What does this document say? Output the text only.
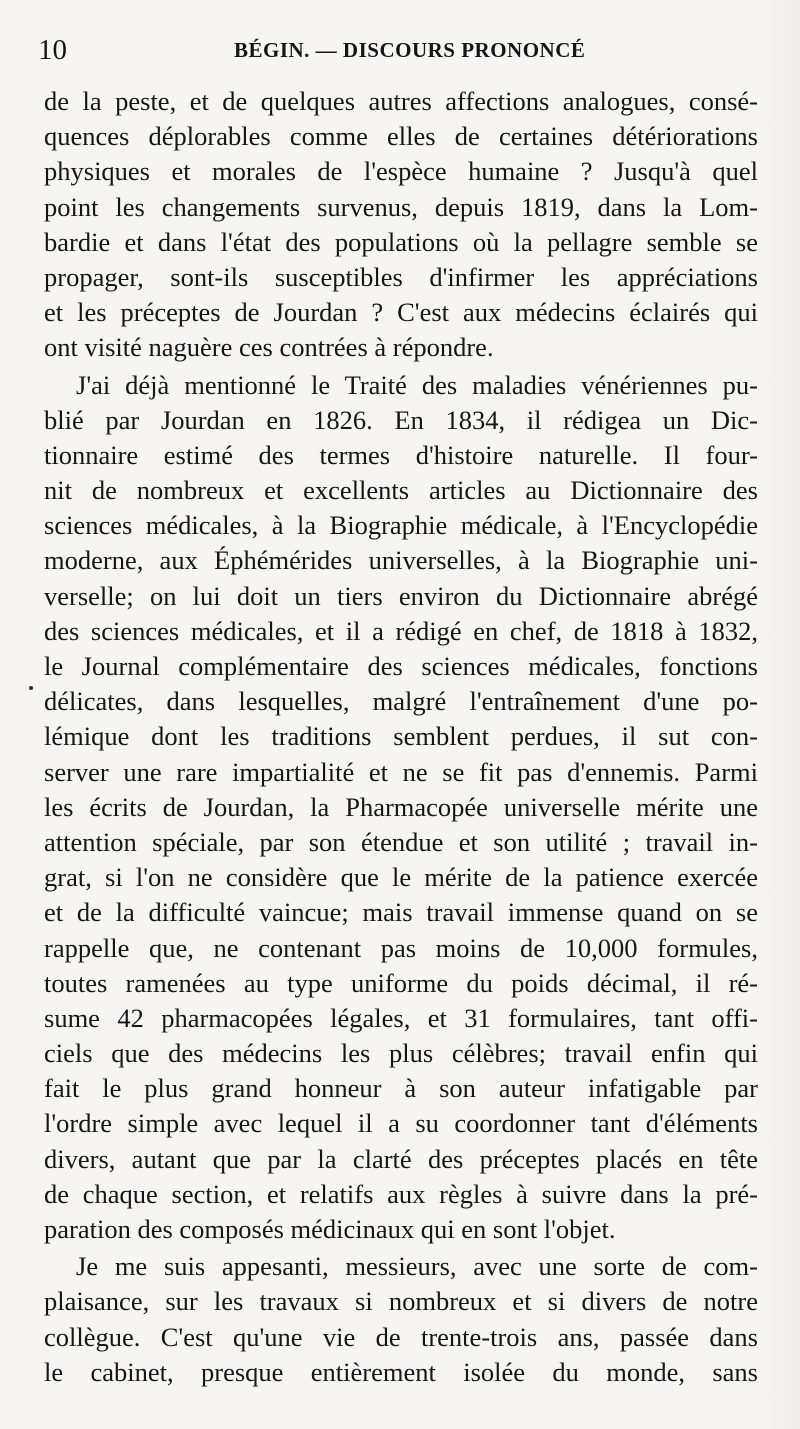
10	BÉGIN. — DISCOURS PRONONCÉ
de la peste, et de quelques autres affections analogues, consé-
quences déplorables comme elles de certaines détériorations
physiques et morales de l'espèce humaine ? Jusqu'à quel
point les changements survenus, depuis 1819, dans la Lom-
bardie et dans l'état des populations où la pellagre semble se
propager, sont-ils susceptibles d'infirmer les appréciations
et les préceptes de Jourdan ? C'est aux médecins éclairés qui
ont visité naguère ces contrées à répondre.
J'ai déjà mentionné le Traité des maladies vénériennes pu-
blié par Jourdan en 1826. En 1834, il rédigea un Dic-
tionnaire estimé des termes d'histoire naturelle. Il four-
nit de nombreux et excellents articles au Dictionnaire des
sciences médicales, à la Biographie médicale, à l'Encyclopédie
moderne, aux Éphémérides universelles, à la Biographie uni-
verselle; on lui doit un tiers environ du Dictionnaire abrégé
des sciences médicales, et il a rédigé en chef, de 1818 à 1832,
le Journal complémentaire des sciences médicales, fonctions
délicates, dans lesquelles, malgré l'entraînement d'une po-
lémique dont les traditions semblent perdues, il sut con-
server une rare impartialité et ne se fit pas d'ennemis. Parmi
les écrits de Jourdan, la Pharmacopée universelle mérite une
attention spéciale, par son étendue et son utilité ; travail in-
grat, si l'on ne considère que le mérite de la patience exercée
et de la difficulté vaincue; mais travail immense quand on se
rappelle que, ne contenant pas moins de 10,000 formules,
toutes ramenées au type uniforme du poids décimal, il ré-
sume 42 pharmacopées légales, et 31 formulaires, tant offi-
ciels que des médecins les plus célèbres; travail enfin qui
fait le plus grand honneur à son auteur infatigable par
l'ordre simple avec lequel il a su coordonner tant d'éléments
divers, autant que par la clarté des préceptes placés en tête
de chaque section, et relatifs aux règles à suivre dans la pré-
paration des composés médicinaux qui en sont l'objet.
Je me suis appesanti, messieurs, avec une sorte de com-
plaisance, sur les travaux si nombreux et si divers de notre
collègue. C'est qu'une vie de trente-trois ans, passée dans
le cabinet, presque entièrement isolée du monde, sans
